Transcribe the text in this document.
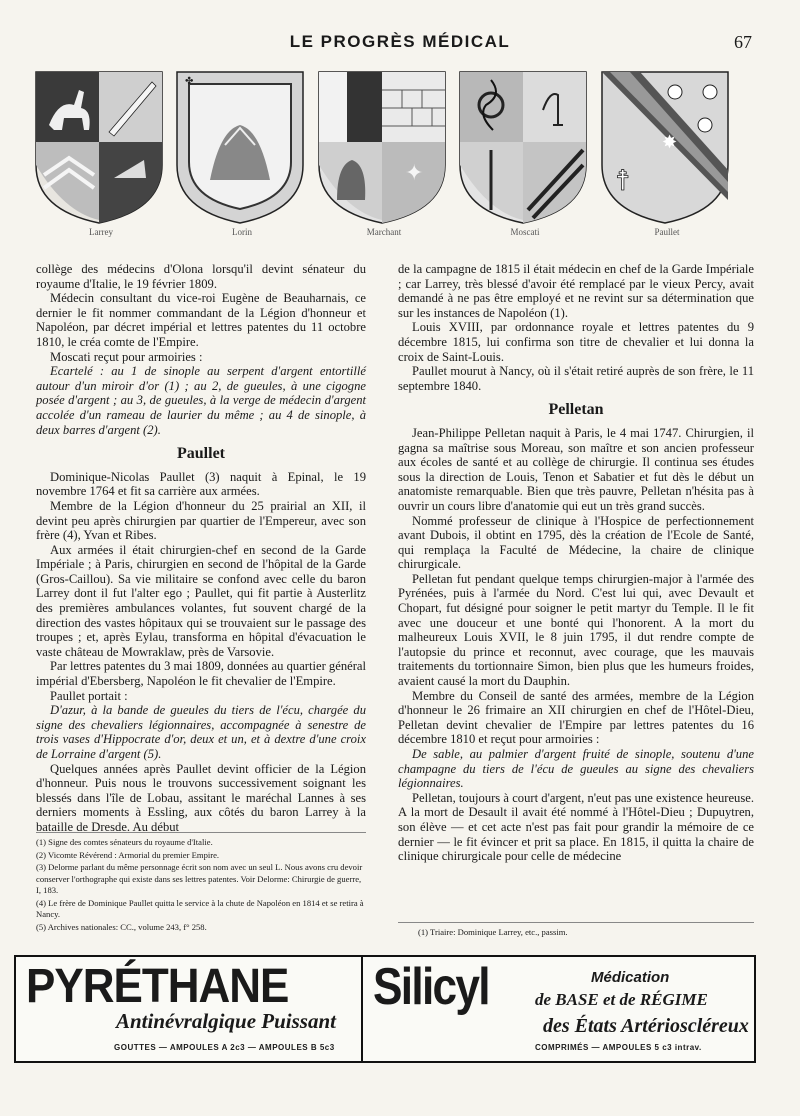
LE PROGRÈS MÉDICAL	67
Larrey
✤
Lorin
✦
Marchant	Moscati
☨
✸
Paullet

collège des médecins d'Olona lorsqu'il devint sénateur du royaume d'Italie, le 19 février 1809.

Médecin consultant du vice-roi Eugène de Beauharnais, ce dernier le fit nommer commandant de la Légion d'honneur et Napoléon, par décret impérial et lettres patentes du 11 octobre 1810, le créa comte de l'Empire.

Moscati reçut pour armoiries :

Ecartelé : au 1 de sinople au serpent d'argent entortillé autour d'un miroir d'or (1) ; au 2, de gueules, à une cigogne posée d'argent ; au 3, de gueules, à la verge de médecin d'argent accolée d'un rameau de laurier du même ; au 4 de sinople, à deux barres d'argent (2).

Paullet

Dominique-Nicolas Paullet (3) naquit à Epinal, le 19 novembre 1764 et fit sa carrière aux armées.

Membre de la Légion d'honneur du 25 prairial an XII, il devint peu après chirurgien par quartier de l'Empereur, avec son frère (4), Yvan et Ribes.

Aux armées il était chirurgien-chef en second de la Garde Impériale ; à Paris, chirurgien en second de l'hôpital de la Garde (Gros-Caillou). Sa vie militaire se confond avec celle du baron Larrey dont il fut l'alter ego ; Paullet, qui fit partie à Austerlitz des premières ambulances volantes, fut souvent chargé de la direction des vastes hôpitaux qui se trouvaient sur le passage des troupes ; et, après Eylau, transforma en hôpital d'évacuation le vaste château de Mowraklaw, près de Varsovie.

Par lettres patentes du 3 mai 1809, données au quartier général impérial d'Ebersberg, Napoléon le fit chevalier de l'Empire.

Paullet portait :

D'azur, à la bande de gueules du tiers de l'écu, chargée du signe des chevaliers légionnaires, accompagnée à senestre de trois vases d'Hippocrate d'or, deux et un, et à dextre d'une croix de Lorraine d'argent (5).

Quelques années après Paullet devint officier de la Légion d'honneur. Puis nous le trouvons successivement soignant les blessés dans l'île de Lobau, assitant le maréchal Lannes à ses derniers moments à Essling, aux côtés du baron Larrey à la bataille de Dresde. Au début

(1) Signe des comtes sénateurs du royaume d'Italie.

(2) Vicomte Révérend : Armorial du premier Empire.

(3) Delorme parlant du même personnage écrit son nom avec un seul L. Nous avons cru devoir conserver l'orthographe qui existe dans ses lettres patentes. Voir Delorme: Chirurgie de guerre, I, 183.

(4) Le frère de Dominique Paullet quitta le service à la chute de Napoléon en 1814 et se retira à Nancy.

(5) Archives nationales: CC., volume 243, f° 258.

de la campagne de 1815 il était médecin en chef de la Garde Impériale ; car Larrey, très blessé d'avoir été remplacé par le vieux Percy, avait demandé à ne pas être employé et ne revint sur sa détermination que sur les instances de Napoléon (1).

Louis XVIII, par ordonnance royale et lettres patentes du 9 décembre 1815, lui confirma son titre de chevalier et lui donna la croix de Saint-Louis.

Paullet mourut à Nancy, où il s'était retiré auprès de son frère, le 11 septembre 1840.

Pelletan

Jean-Philippe Pelletan naquit à Paris, le 4 mai 1747. Chirurgien, il gagna sa maîtrise sous Moreau, son maître et son ancien professeur aux écoles de santé et au collège de chirurgie. Il continua ses études sous la direction de Louis, Tenon et Sabatier et fut dès le début un anatomiste remarquable. Bien que très pauvre, Pelletan n'hésita pas à ouvrir un cours libre d'anatomie qui eut un très grand succès.

Nommé professeur de clinique à l'Hospice de perfectionnement avant Dubois, il obtint en 1795, dès la création de l'Ecole de Santé, qui remplaça la Faculté de Médecine, la chaire de clinique chirurgicale.

Pelletan fut pendant quelque temps chirurgien-major à l'armée des Pyrénées, puis à l'armée du Nord. C'est lui qui, avec Devault et Chopart, fut désigné pour soigner le petit martyr du Temple. Il le fit avec une douceur et une bonté qui l'honorent. A la mort du malheureux Louis XVII, le 8 juin 1795, il dut rendre compte de l'autopsie du prince et reconnut, avec courage, que les mauvais traitements du tortionnaire Simon, bien plus que les humeurs froides, avaient causé la mort du Dauphin.

Membre du Conseil de santé des armées, membre de la Légion d'honneur le 26 frimaire an XII chirurgien en chef de l'Hôtel-Dieu, Pelletan devint chevalier de l'Empire par lettres patentes du 16 décembre 1810 et reçut pour armoiries :

De sable, au palmier d'argent fruité de sinople, soutenu d'une champagne du tiers de l'écu de gueules au signe des chevaliers légionnaires.

Pelletan, toujours à court d'argent, n'eut pas une existence heureuse. A la mort de Desault il avait été nommé à l'Hôtel-Dieu ; Dupuytren, son élève — et cet acte n'est pas fait pour grandir la mémoire de ce dernier — le fit évincer et prit sa place. En 1815, il quitta la chaire de clinique chirurgicale pour celle de médecine

(1) Triaire: Dominique Larrey, etc., passim.

PYRÉTHANE
Antinévralgique Puissant
GOUTTES — AMPOULES A 2c3 — AMPOULES B 5c3
Silicyl	Médication
de BASE et de RÉGIME
des États Artérioscléreux
COMPRIMÉS — AMPOULES 5 c3 intrav.
